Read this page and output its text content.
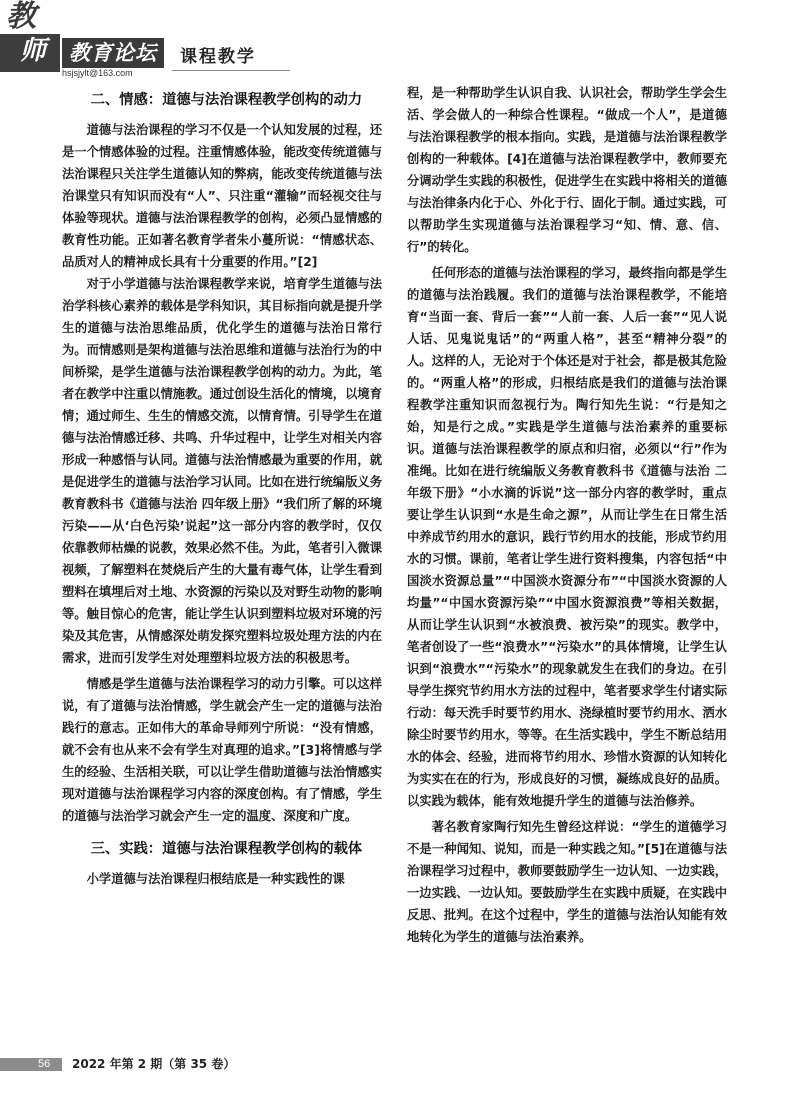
教
师	教育论坛
hsjsjylt@163.com
课程教学

二、情感：道德与法治课程教学创构的动力

道德与法治课程的学习不仅是一个认知发展的过程，还是一个情感体验的过程。注重情感体验，能改变传统道德与法治课程只关注学生道德认知的弊病，能改变传统道德与法治课堂只有知识而没有“人”、只注重“灌输”而轻视交往与体验等现状。道德与法治课程教学的创构，必须凸显情感的教育性功能。正如著名教育学者朱小蔓所说：“情感状态、品质对人的精神成长具有十分重要的作用。”[2]

对于小学道德与法治课程教学来说，培育学生道德与法治学科核心素养的载体是学科知识，其目标指向就是提升学生的道德与法治思维品质，优化学生的道德与法治日常行为。而情感则是架构道德与法治思维和道德与法治行为的中间桥梁，是学生道德与法治课程教学创构的动力。为此，笔者在教学中注重以情施教。通过创设生活化的情境，以境育情；通过师生、生生的情感交流，以情育情。引导学生在道德与法治情感迁移、共鸣、升华过程中，让学生对相关内容形成一种感悟与认同。道德与法治情感最为重要的作用，就是促进学生的道德与法治学习认同。比如在进行统编版义务教育教科书《道德与法治 四年级上册》“我们所了解的环境污染——从‘白色污染’说起”这一部分内容的教学时，仅仅依靠教师枯燥的说教，效果必然不佳。为此，笔者引入微课视频，了解塑料在焚烧后产生的大量有毒气体，让学生看到塑料在填埋后对土地、水资源的污染以及对野生动物的影响等。触目惊心的危害，能让学生认识到塑料垃圾对环境的污染及其危害，从情感深处萌发探究塑料垃圾处理方法的内在需求，进而引发学生对处理塑料垃圾方法的积极思考。

情感是学生道德与法治课程学习的动力引擎。可以这样说，有了道德与法治情感，学生就会产生一定的道德与法治践行的意志。正如伟大的革命导师列宁所说：“没有情感，就不会有也从来不会有学生对真理的追求。”[3]将情感与学生的经验、生活相关联，可以让学生借助道德与法治情感实现对道德与法治课程学习内容的深度创构。有了情感，学生的道德与法治学习就会产生一定的温度、深度和广度。

三、实践：道德与法治课程教学创构的载体

小学道德与法治课程归根结底是一种实践性的课

程，是一种帮助学生认识自我、认识社会，帮助学生学会生活、学会做人的一种综合性课程。“做成一个人”，是道德与法治课程教学的根本指向。实践，是道德与法治课程教学创构的一种载体。[4]在道德与法治课程教学中，教师要充分调动学生实践的积极性，促进学生在实践中将相关的道德与法治律条内化于心、外化于行、固化于制。通过实践，可以帮助学生实现道德与法治课程学习“知、情、意、信、行”的转化。

任何形态的道德与法治课程的学习，最终指向都是学生的道德与法治践履。我们的道德与法治课程教学，不能培育“当面一套、背后一套”“人前一套、人后一套”“见人说人话、见鬼说鬼话”的“两重人格”，甚至“精神分裂”的人。这样的人，无论对于个体还是对于社会，都是极其危险的。“两重人格”的形成，归根结底是我们的道德与法治课程教学注重知识而忽视行为。陶行知先生说：“行是知之始，知是行之成。”实践是学生道德与法治素养的重要标识。道德与法治课程教学的原点和归宿，必须以“行”作为准绳。比如在进行统编版义务教育教科书《道德与法治 二年级下册》“小水滴的诉说”这一部分内容的教学时，重点要让学生认识到“水是生命之源”，从而让学生在日常生活中养成节约用水的意识，践行节约用水的技能，形成节约用水的习惯。课前，笔者让学生进行资料搜集，内容包括“中国淡水资源总量”“中国淡水资源分布”“中国淡水资源的人均量”“中国水资源污染”“中国水资源浪费”等相关数据，从而让学生认识到“水被浪费、被污染”的现实。教学中，笔者创设了一些“浪费水”“污染水”的具体情境，让学生认识到“浪费水”“污染水”的现象就发生在我们的身边。在引导学生探究节约用水方法的过程中，笔者要求学生付诸实际行动：每天洗手时要节约用水、浇绿植时要节约用水、洒水除尘时要节约用水，等等。在生活实践中，学生不断总结用水的体会、经验，进而将节约用水、珍惜水资源的认知转化为实实在在的行为，形成良好的习惯，凝练成良好的品质。以实践为载体，能有效地提升学生的道德与法治修养。

著名教育家陶行知先生曾经这样说：“学生的道德学习不是一种闻知、说知，而是一种实践之知。”[5]在道德与法治课程学习过程中，教师要鼓励学生一边认知、一边实践，一边实践、一边认知。要鼓励学生在实践中质疑，在实践中反思、批判。在这个过程中，学生的道德与法治认知能有效地转化为学生的道德与法治素养。

56 2022 年第 2 期（第 35 卷）
